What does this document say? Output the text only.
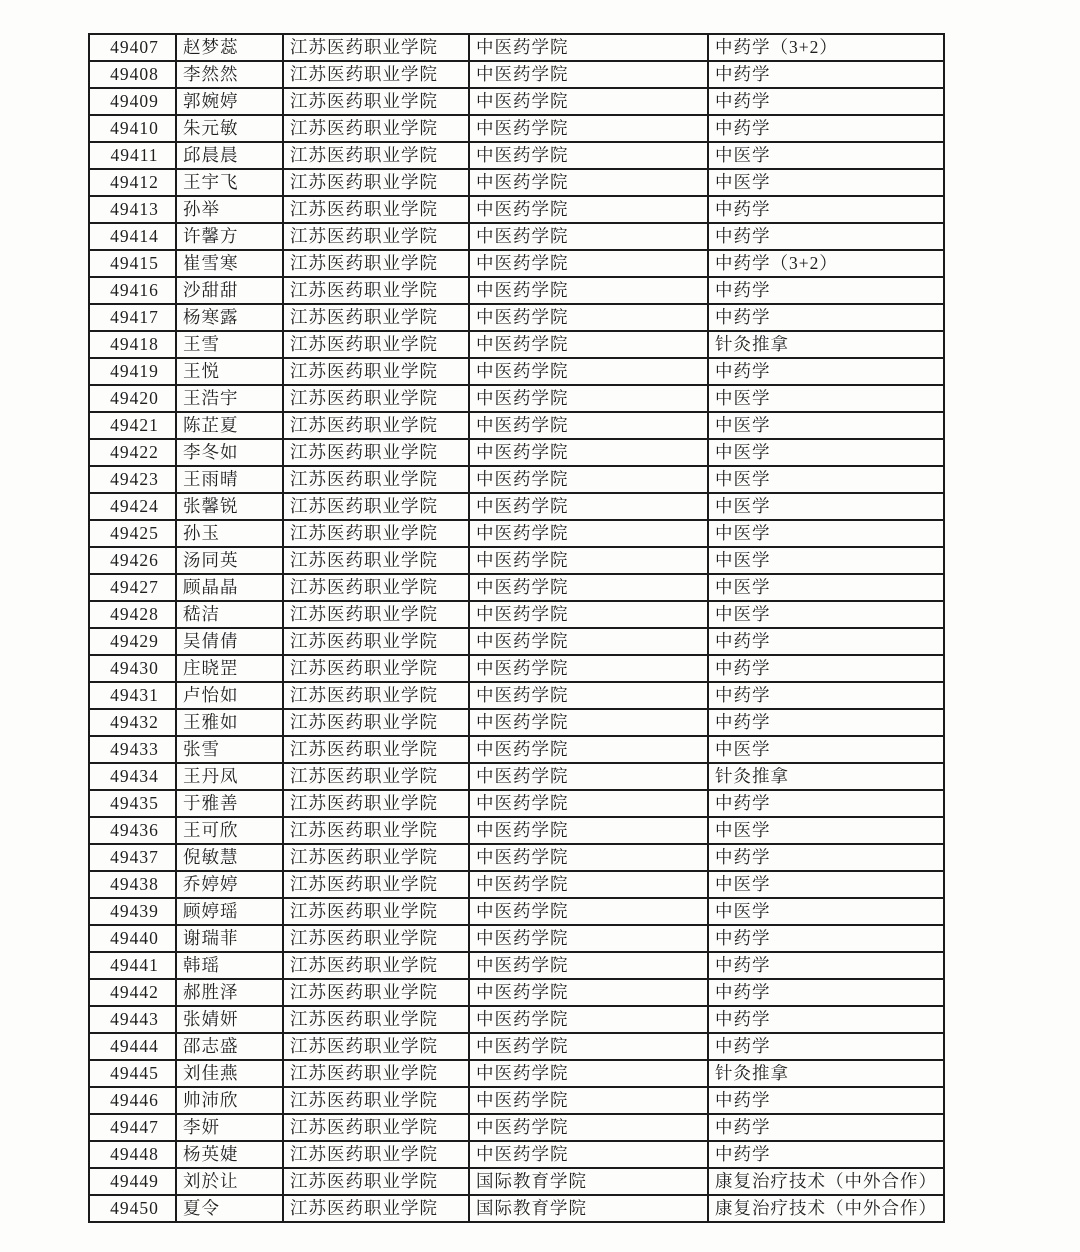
49407	赵梦蕊	江苏医药职业学院	中医药学院	中药学（3+2）
49408	李然然	江苏医药职业学院	中医药学院	中药学
49409	郭婉婷	江苏医药职业学院	中医药学院	中药学
49410	朱元敏	江苏医药职业学院	中医药学院	中药学
49411	邱晨晨	江苏医药职业学院	中医药学院	中医学
49412	王宇飞	江苏医药职业学院	中医药学院	中医学
49413	孙举	江苏医药职业学院	中医药学院	中药学
49414	许馨方	江苏医药职业学院	中医药学院	中药学
49415	崔雪寒	江苏医药职业学院	中医药学院	中药学（3+2）
49416	沙甜甜	江苏医药职业学院	中医药学院	中药学
49417	杨寒露	江苏医药职业学院	中医药学院	中药学
49418	王雪	江苏医药职业学院	中医药学院	针灸推拿
49419	王悦	江苏医药职业学院	中医药学院	中药学
49420	王浩宇	江苏医药职业学院	中医药学院	中医学
49421	陈芷夏	江苏医药职业学院	中医药学院	中医学
49422	李冬如	江苏医药职业学院	中医药学院	中医学
49423	王雨晴	江苏医药职业学院	中医药学院	中医学
49424	张馨锐	江苏医药职业学院	中医药学院	中医学
49425	孙玉	江苏医药职业学院	中医药学院	中医学
49426	汤同英	江苏医药职业学院	中医药学院	中医学
49427	顾晶晶	江苏医药职业学院	中医药学院	中医学
49428	嵇洁	江苏医药职业学院	中医药学院	中医学
49429	吴倩倩	江苏医药职业学院	中医药学院	中药学
49430	庄晓罡	江苏医药职业学院	中医药学院	中药学
49431	卢怡如	江苏医药职业学院	中医药学院	中药学
49432	王雅如	江苏医药职业学院	中医药学院	中药学
49433	张雪	江苏医药职业学院	中医药学院	中医学
49434	王丹凤	江苏医药职业学院	中医药学院	针灸推拿
49435	于雅善	江苏医药职业学院	中医药学院	中药学
49436	王可欣	江苏医药职业学院	中医药学院	中医学
49437	倪敏慧	江苏医药职业学院	中医药学院	中药学
49438	乔婷婷	江苏医药职业学院	中医药学院	中医学
49439	顾婷瑶	江苏医药职业学院	中医药学院	中医学
49440	谢瑞菲	江苏医药职业学院	中医药学院	中药学
49441	韩瑶	江苏医药职业学院	中医药学院	中药学
49442	郝胜泽	江苏医药职业学院	中医药学院	中药学
49443	张婧妍	江苏医药职业学院	中医药学院	中药学
49444	邵志盛	江苏医药职业学院	中医药学院	中药学
49445	刘佳燕	江苏医药职业学院	中医药学院	针灸推拿
49446	帅沛欣	江苏医药职业学院	中医药学院	中药学
49447	李妍	江苏医药职业学院	中医药学院	中药学
49448	杨英婕	江苏医药职业学院	中医药学院	中药学
49449	刘於让	江苏医药职业学院	国际教育学院	康复治疗技术（中外合作）
49450	夏令	江苏医药职业学院	国际教育学院	康复治疗技术（中外合作）
